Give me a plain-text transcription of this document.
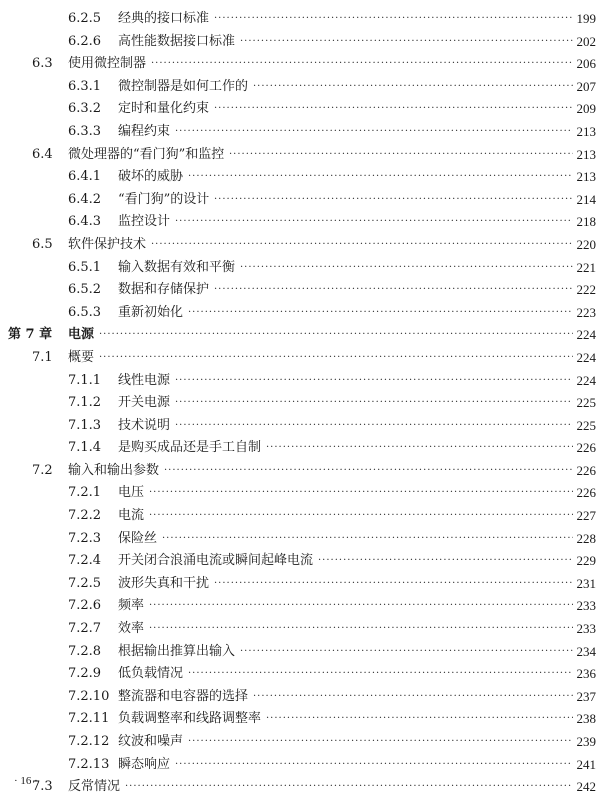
6.2.5 ····· 经典的接口标准	199
6.2.6 ····· 高性能数据接口标准	202
6.3 ····· 使用微控制器	206
6.3.1 ····· 微控制器是如何工作的	207
6.3.2 ····· 定时和量化约束	209
6.3.3 ····· 编程约束	213
6.4 ····· 微处理器的“看门狗”和监控	213
6.4.1 ····· 破坏的威胁	213
6.4.2 ····· “看门狗”的设计	214
6.4.3 ····· 监控设计	218
6.5 ····· 软件保护技术	220
6.5.1 ····· 输入数据有效和平衡	221
6.5.2 ····· 数据和存储保护	222
6.5.3 ····· 重新初始化	223
第 7 章 ····· 电源	224
7.1 ····· 概要	224
7.1.1 ····· 线性电源	224
7.1.2 ····· 开关电源	225
7.1.3 ····· 技术说明	225
7.1.4 ····· 是购买成品还是手工自制	226
7.2 ····· 输入和输出参数	226
7.2.1 ····· 电压	226
7.2.2 ····· 电流	227
7.2.3 ····· 保险丝	228
7.2.4 ····· 开关闭合浪涌电流或瞬间起峰电流	229
7.2.5 ····· 波形失真和干扰	231
7.2.6 ····· 频率	233
7.2.7 ····· 效率	233
7.2.8 ····· 根据输出推算出输入	234
7.2.9 ····· 低负载情况	236
7.2.10 ····· 整流器和电容器的选择	237
7.2.11 ····· 负载调整率和线路调整率	238
7.2.12 ····· 纹波和噪声	239
7.2.13 ····· 瞬态响应	241
7.3 ····· 反常情况	242
· 16 ·
